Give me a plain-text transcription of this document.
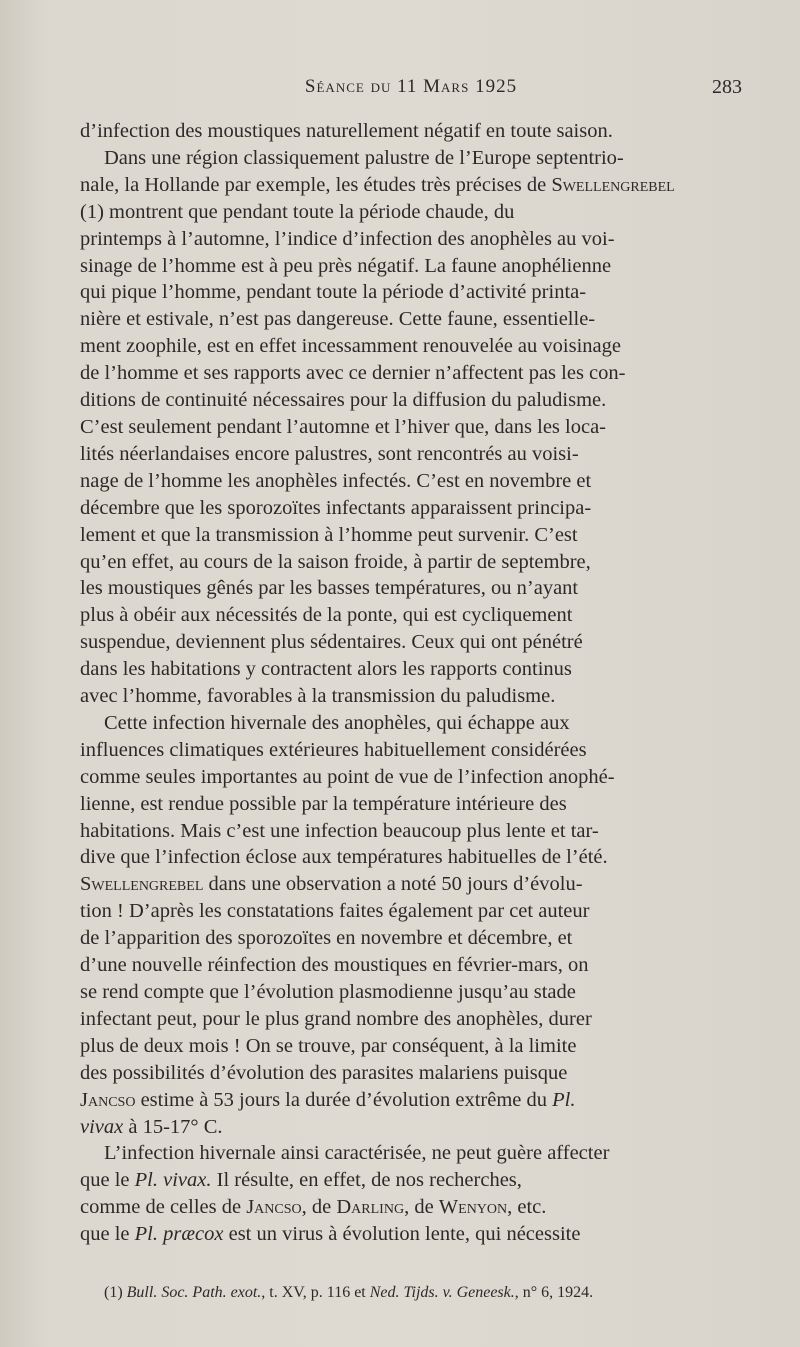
Séance du 11 Mars 1925	283
d’infection des moustiques naturellement négatif en toute saison.
Dans une région classiquement palustre de l’Europe septentrio-
nale, la Hollande par exemple, les études très précises de Swellengrebel
(1) montrent que pendant toute la période chaude, du
printemps à l’automne, l’indice d’infection des anophèles au voi-
sinage de l’homme est à peu près négatif. La faune anophélienne
qui pique l’homme, pendant toute la période d’activité printa-
nière et estivale, n’est pas dangereuse. Cette faune, essentielle-
ment zoophile, est en effet incessamment renouvelée au voisinage
de l’homme et ses rapports avec ce dernier n’affectent pas les con-
ditions de continuité nécessaires pour la diffusion du paludisme.
C’est seulement pendant l’automne et l’hiver que, dans les loca-
lités néerlandaises encore palustres, sont rencontrés au voisi-
nage de l’homme les anophèles infectés. C’est en novembre et
décembre que les sporozoïtes infectants apparaissent principa-
lement et que la transmission à l’homme peut survenir. C’est
qu’en effet, au cours de la saison froide, à partir de septembre,
les moustiques gênés par les basses températures, ou n’ayant
plus à obéir aux nécessités de la ponte, qui est cycliquement
suspendue, deviennent plus sédentaires. Ceux qui ont pénétré
dans les habitations y contractent alors les rapports continus
avec l’homme, favorables à la transmission du paludisme.
Cette infection hivernale des anophèles, qui échappe aux
influences climatiques extérieures habituellement considérées
comme seules importantes au point de vue de l’infection anophé-
lienne, est rendue possible par la température intérieure des
habitations. Mais c’est une infection beaucoup plus lente et tar-
dive que l’infection éclose aux températures habituelles de l’été.
Swellengrebel dans une observation a noté 50 jours d’évolu-
tion ! D’après les constatations faites également par cet auteur
de l’apparition des sporozoïtes en novembre et décembre, et
d’une nouvelle réinfection des moustiques en février-mars, on
se rend compte que l’évolution plasmodienne jusqu’au stade
infectant peut, pour le plus grand nombre des anophèles, durer
plus de deux mois ! On se trouve, par conséquent, à la limite
des possibilités d’évolution des parasites malariens puisque
Jancso estime à 53 jours la durée d’évolution extrême du Pl.
vivax à 15-17° C.
L’infection hivernale ainsi caractérisée, ne peut guère affecter
que le Pl. vivax. Il résulte, en effet, de nos recherches,
comme de celles de Jancso, de Darling, de Wenyon, etc.
que le Pl. præcox est un virus à évolution lente, qui nécessite
(1) Bull. Soc. Path. exot., t. XV, p. 116 et Ned. Tijds. v. Geneesk., n° 6, 1924.
